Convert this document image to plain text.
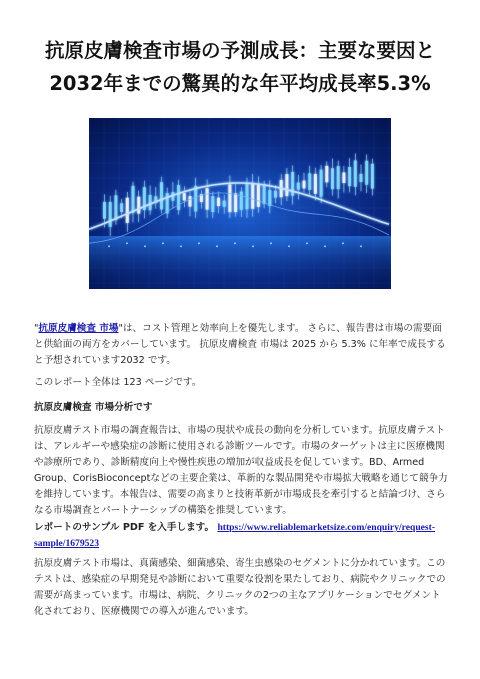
抗原皮膚検査市場の予測成長：主要な要因と
2032年までの驚異的な年平均成長率5.3%

"抗原皮膚検査 市場"は、コスト管理と効率向上を優先します。 さらに、報告書は市場の需要面と供給面の両方をカバーしています。 抗原皮膚検査 市場は 2025 から 5.3% に年率で成長すると予想されています2032 です。

このレポート全体は 123 ページです。

抗原皮膚検査 市場分析です

抗原皮膚テスト市場の調査報告は、市場の現状や成長の動向を分析しています。抗原皮膚テストは、アレルギーや感染症の診断に使用される診断ツールです。市場のターゲットは主に医療機関や診療所であり、診断精度向上や慢性疾患の増加が収益成長を促しています。BD、Armed Group、CorisBioconceptなどの主要企業は、革新的な製品開発や市場拡大戦略を通じて競争力を維持しています。本報告は、需要の高まりと技術革新が市場成長を牽引すると結論づけ、さらなる市場調査とパートナーシップの構築を推奨しています。

レポートのサンプル PDF を入手します。 https://www.reliablemarketsize.com/enquiry/request-sample/1679523

抗原皮膚テスト市場は、真菌感染、細菌感染、寄生虫感染のセグメントに分かれています。このテストは、感染症の早期発見や診断において重要な役割を果たしており、病院やクリニックでの需要が高まっています。市場は、病院、クリニックの2つの主なアプリケーションでセグメント化されており、医療機関での導入が進んでいます。
